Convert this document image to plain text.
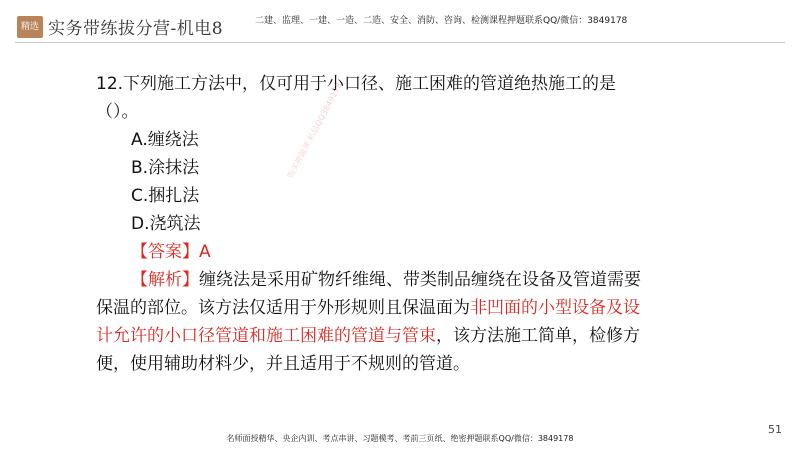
精选 实务带练拔分营-机电8	二建、监理、一建、一造、二造、安全、消防、咨询、检测课程押题联系QQ/微信：3849178

12.下列施工方法中，仅可用于小口径、施工困难的管道绝热施工的是（）。

A.缠绕法

B.涂抹法

C.捆扎法

D.浇筑法

【答案】A

【解析】缠绕法是采用矿物纤维绳、带类制品缠绕在设备及管道需要保温的部位。该方法仅适用于外形规则且保温面为非凹面的小型设备及设计允许的小口径管道和施工困难的管道与管束，该方法施工简单，检修方便，使用辅助材料少，并且适用于不规则的管道。

购买押题课 私信QQ3849178
51
名师面授精华、央企内训、考点串讲、习题模考、考前三页纸、绝密押题联系QQ/微信：3849178
